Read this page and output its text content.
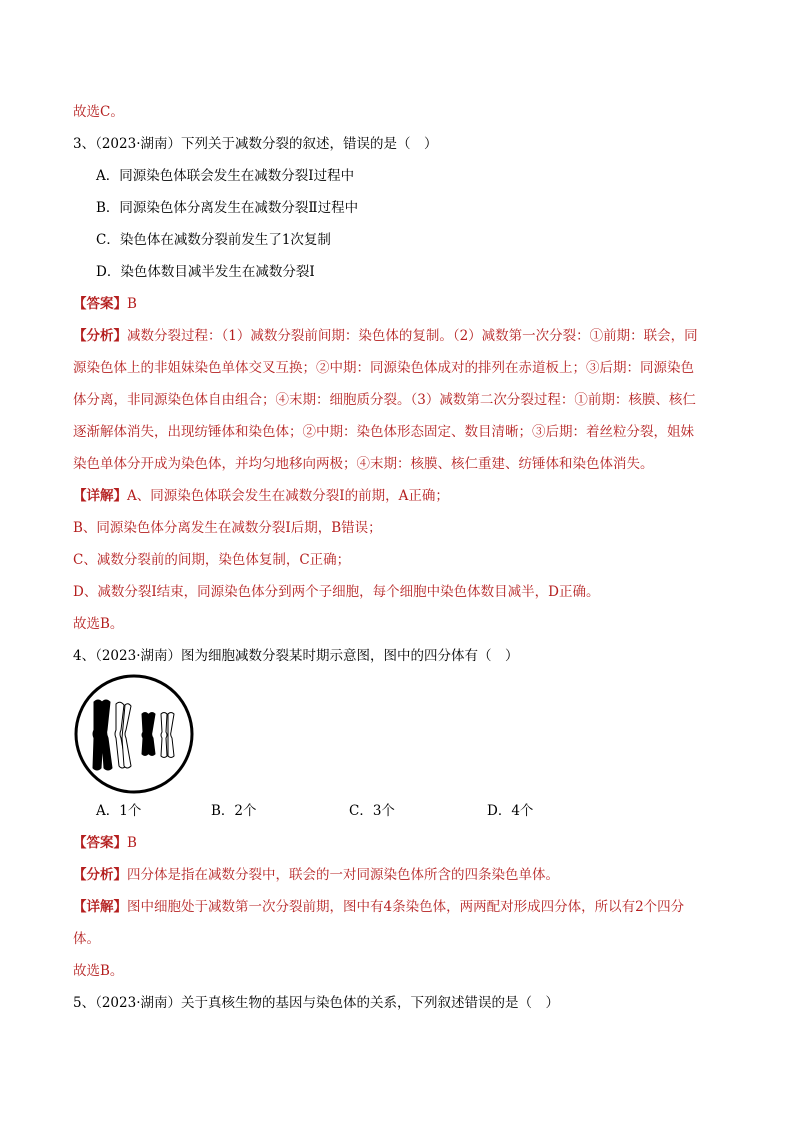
故选C。
3、（2023·湖南）下列关于减数分裂的叙述，错误的是（　）
A．同源染色体联会发生在减数分裂Ⅰ过程中
B．同源染色体分离发生在减数分裂Ⅱ过程中
C．染色体在减数分裂前发生了1次复制
D．染色体数目减半发生在减数分裂Ⅰ
【答案】B
【分析】减数分裂过程：（1）减数分裂前间期：染色体的复制。（2）减数第一次分裂：①前期：联会，同
源染色体上的非姐妹染色单体交叉互换；②中期：同源染色体成对的排列在赤道板上；③后期：同源染色
体分离，非同源染色体自由组合；④末期：细胞质分裂。（3）减数第二次分裂过程：①前期：核膜、核仁
逐渐解体消失，出现纺锤体和染色体；②中期：染色体形态固定、数目清晰；③后期：着丝粒分裂，姐妹
染色单体分开成为染色体，并均匀地移向两极；④末期：核膜、核仁重建、纺锤体和染色体消失。
【详解】A、同源染色体联会发生在减数分裂Ⅰ的前期，A正确；
B、同源染色体分离发生在减数分裂Ⅰ后期，B错误；
C、减数分裂前的间期，染色体复制，C正确；
D、减数分裂Ⅰ结束，同源染色体分到两个子细胞，每个细胞中染色体数目减半，D正确。
故选B。
4、（2023·湖南）图为细胞减数分裂某时期示意图，图中的四分体有（　）
A．1个	B．2个	C．3个	D．4个
【答案】B
【分析】四分体是指在减数分裂中，联会的一对同源染色体所含的四条染色单体。
【详解】图中细胞处于减数第一次分裂前期，图中有4条染色体，两两配对形成四分体，所以有2个四分
体。
故选B。
5、（2023·湖南）关于真核生物的基因与染色体的关系，下列叙述错误的是（　）
